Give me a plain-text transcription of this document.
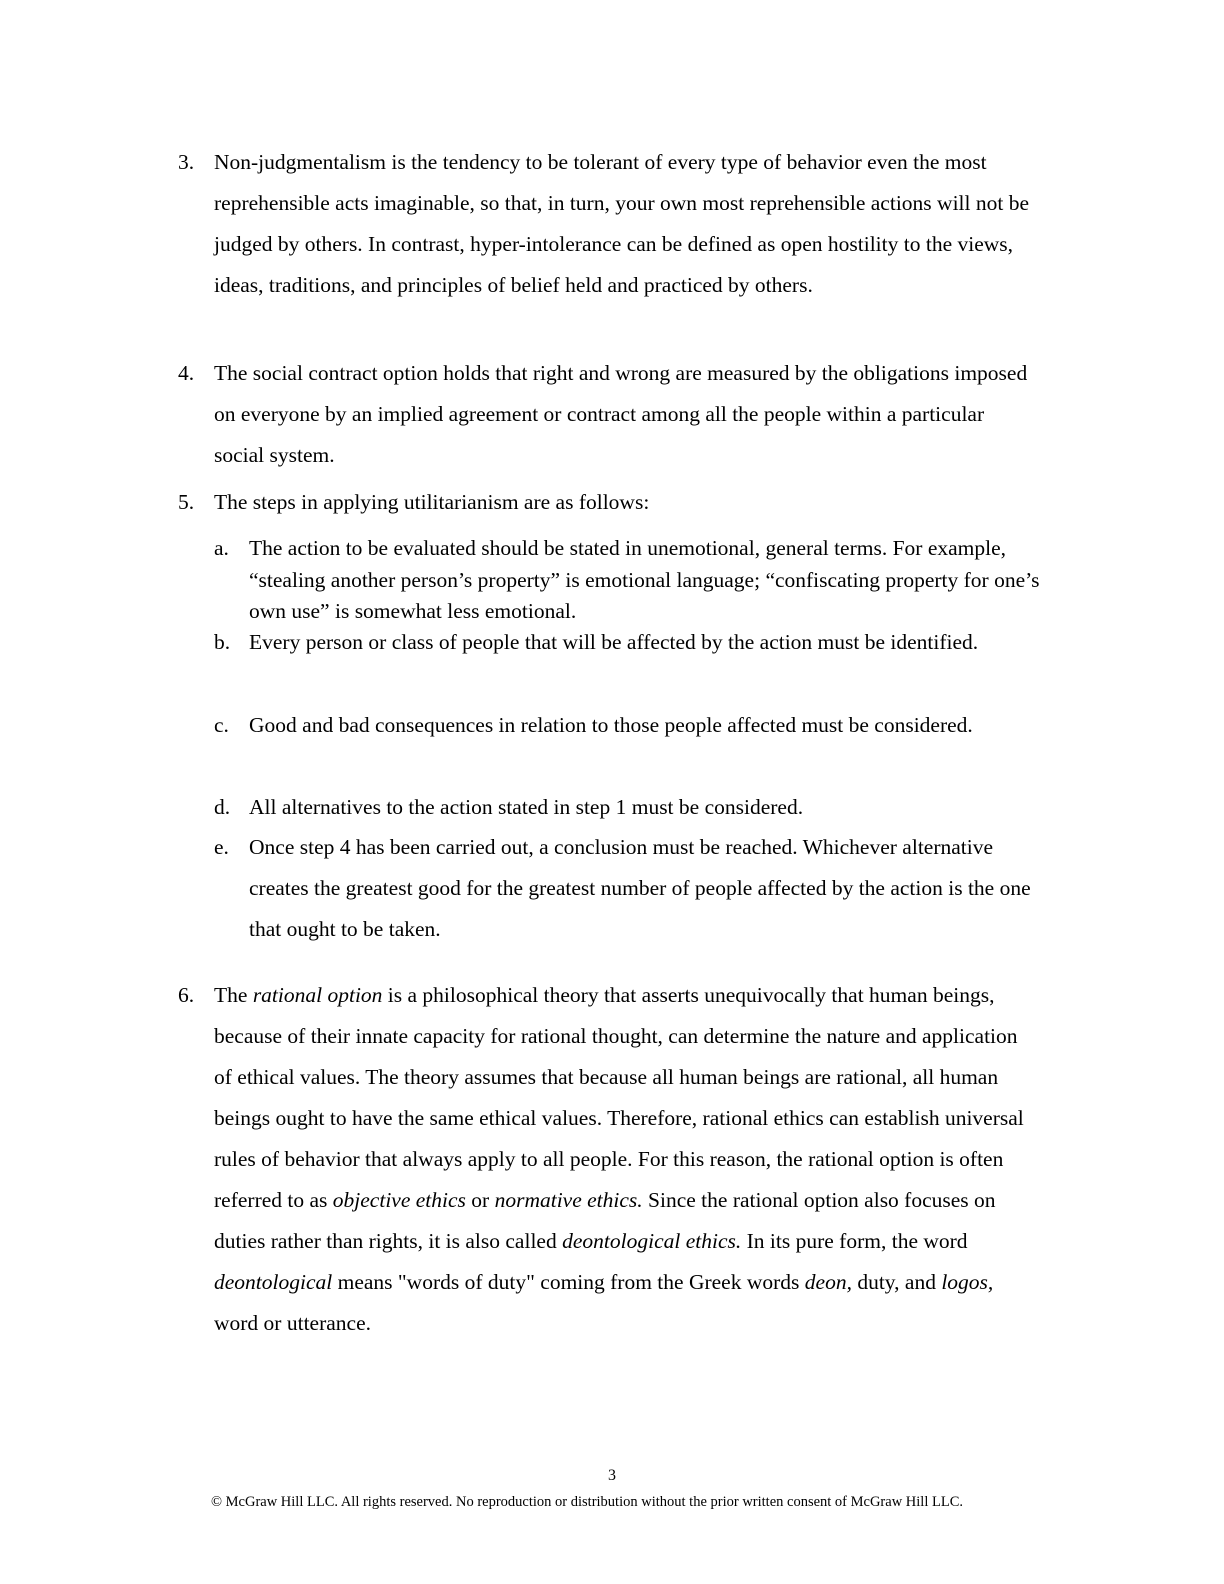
3. Non-judgmentalism is the tendency to be tolerant of every type of behavior even the most reprehensible acts imaginable, so that, in turn, your own most reprehensible actions will not be judged by others. In contrast, hyper-intolerance can be defined as open hostility to the views, ideas, traditions, and principles of belief held and practiced by others.
4. The social contract option holds that right and wrong are measured by the obligations imposed on everyone by an implied agreement or contract among all the people within a particular social system.
5. The steps in applying utilitarianism are as follows:
a. The action to be evaluated should be stated in unemotional, general terms. For example, “stealing another person’s property” is emotional language; “confiscating property for one’s own use” is somewhat less emotional.
b. Every person or class of people that will be affected by the action must be identified.
c. Good and bad consequences in relation to those people affected must be considered.
d. All alternatives to the action stated in step 1 must be considered.
e. Once step 4 has been carried out, a conclusion must be reached. Whichever alternative creates the greatest good for the greatest number of people affected by the action is the one that ought to be taken.
6. The rational option is a philosophical theory that asserts unequivocally that human beings, because of their innate capacity for rational thought, can determine the nature and application of ethical values. The theory assumes that because all human beings are rational, all human beings ought to have the same ethical values. Therefore, rational ethics can establish universal rules of behavior that always apply to all people. For this reason, the rational option is often referred to as objective ethics or normative ethics. Since the rational option also focuses on duties rather than rights, it is also called deontological ethics. In its pure form, the word deontological means "words of duty" coming from the Greek words deon, duty, and logos, word or utterance.
3
© McGraw Hill LLC. All rights reserved. No reproduction or distribution without the prior written consent of McGraw Hill LLC.
